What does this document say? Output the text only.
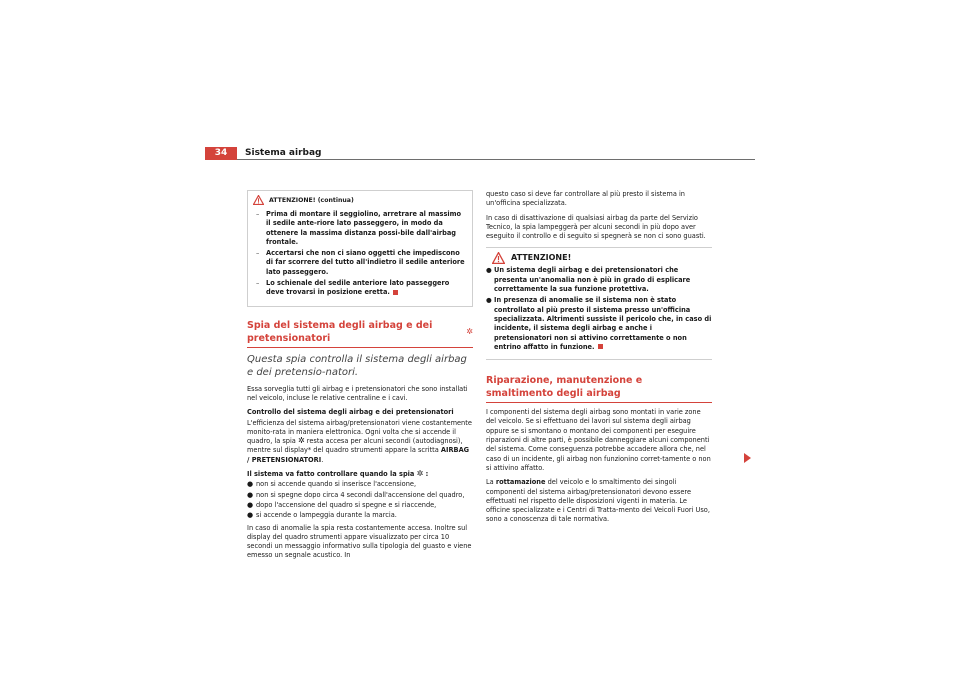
34	Sistema airbag
ATTENZIONE! (continua)
–	Prima di montare il seggiolino, arretrare al massimo il sedile ante-riore lato passeggero, in modo da ottenere la massima distanza possi-bile dall'airbag frontale.
–	Accertarsi che non ci siano oggetti che impediscono di far scorrere del tutto all'indietro il sedile anteriore lato passeggero.
–	Lo schienale del sedile anteriore lato passeggero deve trovarsi in posizione eretta.
Spia del sistema degli airbag e dei pretensionatori
✲

Questa spia controlla il sistema degli airbag e dei pretensio-natori.

Essa sorveglia tutti gli airbag e i pretensionatori che sono installati nel veicolo, incluse le relative centraline e i cavi.

Controllo del sistema degli airbag e dei pretensionatori

L'efficienza del sistema airbag/pretensionatori viene costantemente monito-rata in maniera elettronica. Ogni volta che si accende il quadro, la spia ✲ resta accesa per alcuni secondi (autodiagnosi), mentre sul display* del quadro strumenti appare la scritta AIRBAG / PRETENSIONATORI.

Il sistema va fatto controllare quando la spia ✲ :

● non si accende quando si inserisce l'accensione,
● non si spegne dopo circa 4 secondi dall'accensione del quadro,
● dopo l'accensione del quadro si spegne e si riaccende,
● si accende o lampeggia durante la marcia.

In caso di anomalie la spia resta costantemente accesa. Inoltre sul display del quadro strumenti appare visualizzato per circa 10 secondi un messaggio informativo sulla tipologia del guasto e viene emesso un segnale acustico. In

questo caso si deve far controllare al più presto il sistema in un'officina specializzata.

In caso di disattivazione di qualsiasi airbag da parte del Servizio Tecnico, la spia lampeggerà per alcuni secondi in più dopo aver eseguito il controllo e di seguito si spegnerà se non ci sono guasti.

ATTENZIONE!
● Un sistema degli airbag e dei pretensionatori che presenta un'anomalia non è più in grado di esplicare correttamente la sua funzione protettiva.
● In presenza di anomalie se il sistema non è stato controllato al più presto il sistema presso un'officina specializzata. Altrimenti sussiste il pericolo che, in caso di incidente, il sistema degli airbag e anche i pretensionatori non si attivino correttamente o non entrino affatto in funzione.
Riparazione, manutenzione e smaltimento degli airbag

I componenti del sistema degli airbag sono montati in varie zone del veicolo. Se si effettuano dei lavori sul sistema degli airbag oppure se si smontano o montano dei componenti per eseguire riparazioni di altre parti, è possibile danneggiare alcuni componenti del sistema. Come conseguenza potrebbe accadere allora che, nel caso di un incidente, gli airbag non funzionino corret-tamente o non si attivino affatto.

La rottamazione del veicolo e lo smaltimento dei singoli componenti del sistema airbag/pretensionatori devono essere effettuati nel rispetto delle disposizioni vigenti in materia. Le officine specializzate e i Centri di Tratta-mento dei Veicoli Fuori Uso, sono a conoscenza di tale normativa.
